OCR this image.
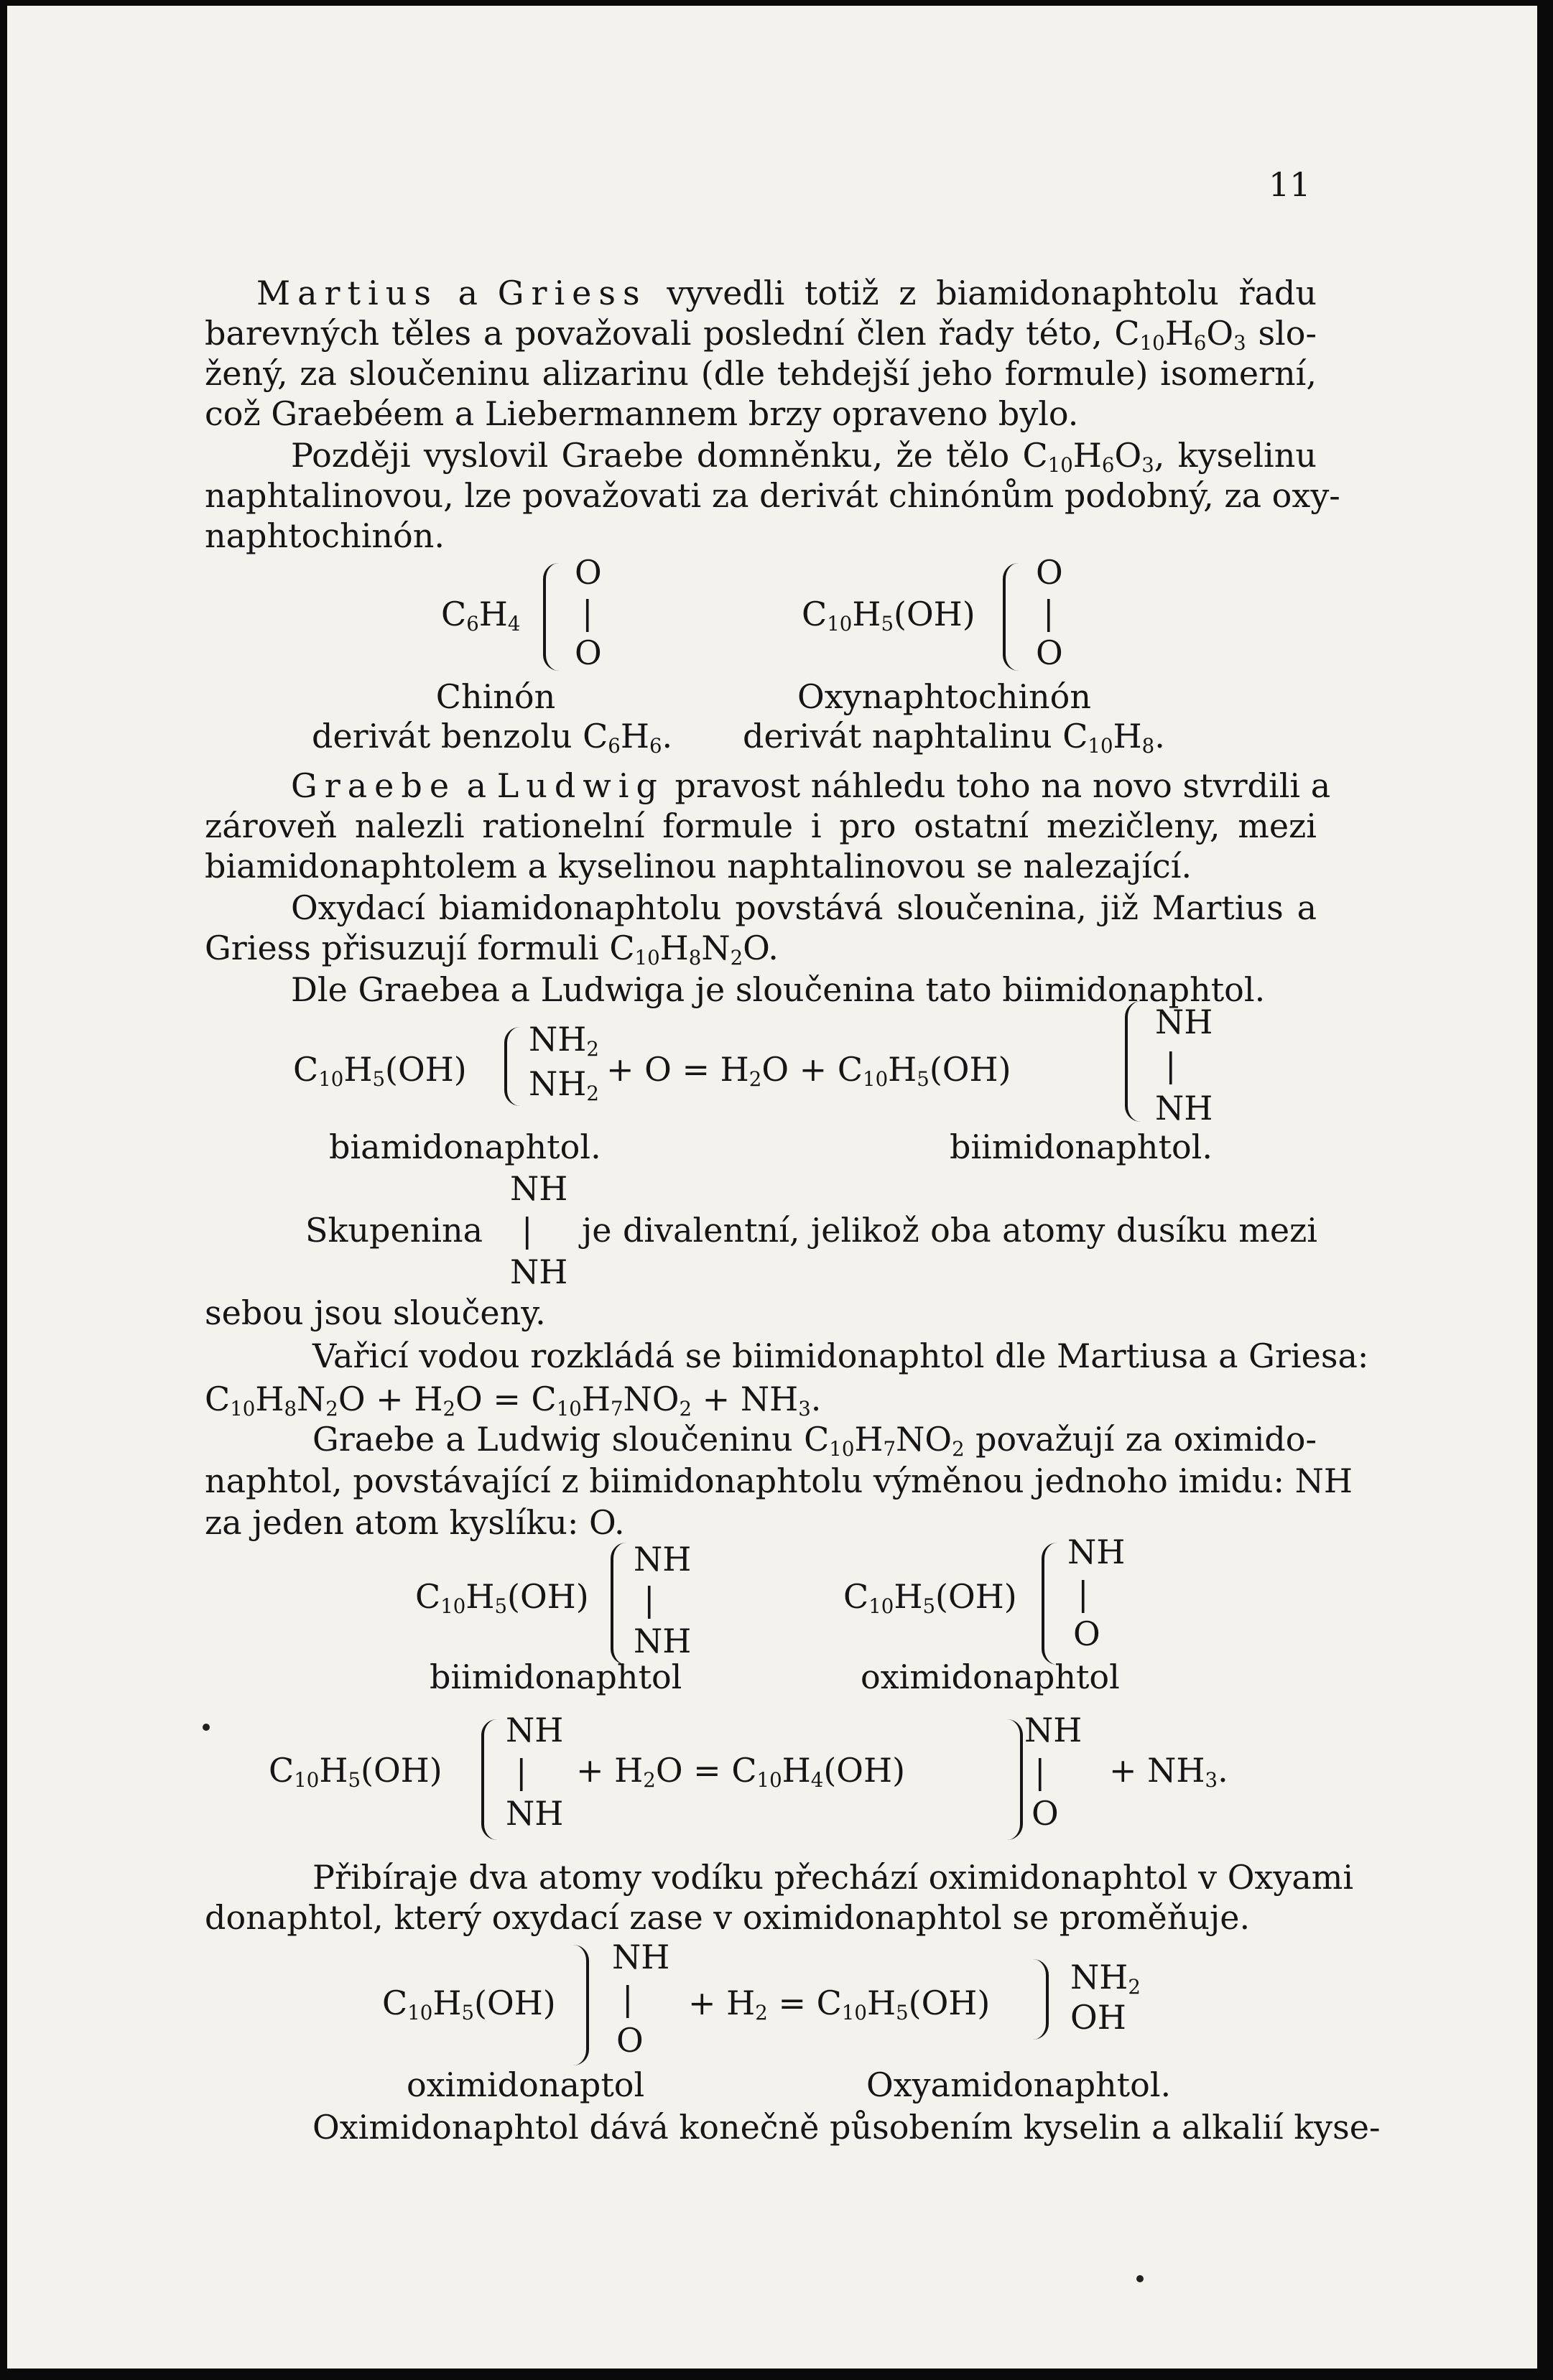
11
Martius a Griess vyvedli totiž z biamidonaphtolu řadu
barevných těles a považovali poslední člen řady této, $C_{10}H_6O_3$ slo-
žený, za sloučeninu alizarinu (dle tehdejší jeho formule) isomerní,
což Graebéem a Liebermannem brzy opraveno bylo.
Později vyslovil Graebe domněnku, že tělo $C_{10}H_6O_3$, kyselinu
naphtalinovou, lze považovati za derivát chinónům podobný, za oxy-
naphtochinón.
$C_6H_4$
O
|
O
Chinón
derivát benzolu $C_6H_6$.
$C_{10}H_5(OH)$
O
|
O
Oxynaphtochinón
derivát naphtalinu $C_{10}H_8$.
Graebe a Ludwig pravost náhledu toho na novo stvrdili a
zároveň nalezli rationelní formule i pro ostatní mezičleny, mezi
biamidonaphtolem a kyselinou naphtalinovou se nalezající.
Oxydací biamidonaphtolu povstává sloučenina, již Martius a
Griess přisuzují formuli $C_{10}H_8N_2O$.
Dle Graebea a Ludwiga je sloučenina tato biimidonaphtol.
$C_{10}H_5(OH)$
$NH_2$
$NH_2$
+ $O = H_2O + C_{10}H_5(OH)$
NH
|
NH
biamidonaphtol.	biimidonaphtol.
NH
Skupenina | je divalentní, jelikož oba atomy dusíku mezi
NH
sebou jsou sloučeny.
Vařicí vodou rozkládá se biimidonaphtol dle Martiusa a Griesa:
$C_{10}H_8N_2O + H_2O = C_{10}H_7NO_2 + NH_3$.
Graebe a Ludwig sloučeninu $C_{10}H_7NO_2$ považují za oximido-
naphtol, povstávající z biimidonaphtolu výměnou jednoho imidu: NH
za jeden atom kyslíku: O.
$C_{10}H_5(OH)$
NH
|
NH
biimidonaphtol
$C_{10}H_5(OH)$
NH
|
O
oximidonaphtol
$C_{10}H_5(OH)$
NH
|
NH
+ $H_2O = C_{10}H_4(OH)$
NH
|
O
+ $NH_3$.
Přibíraje dva atomy vodíku přechází oximidonaphtol v Oxyami
donaphtol, který oxydací zase v oximidonaphtol se proměňuje.
$C_{10}H_5(OH)$
NH
|
O
+ $H_2 = C_{10}H_5(OH)$
$NH_2$
OH
oximidonaptol	Oxyamidonaphtol.
Oximidonaphtol dává konečně působením kyselin a alkalií kyse-
